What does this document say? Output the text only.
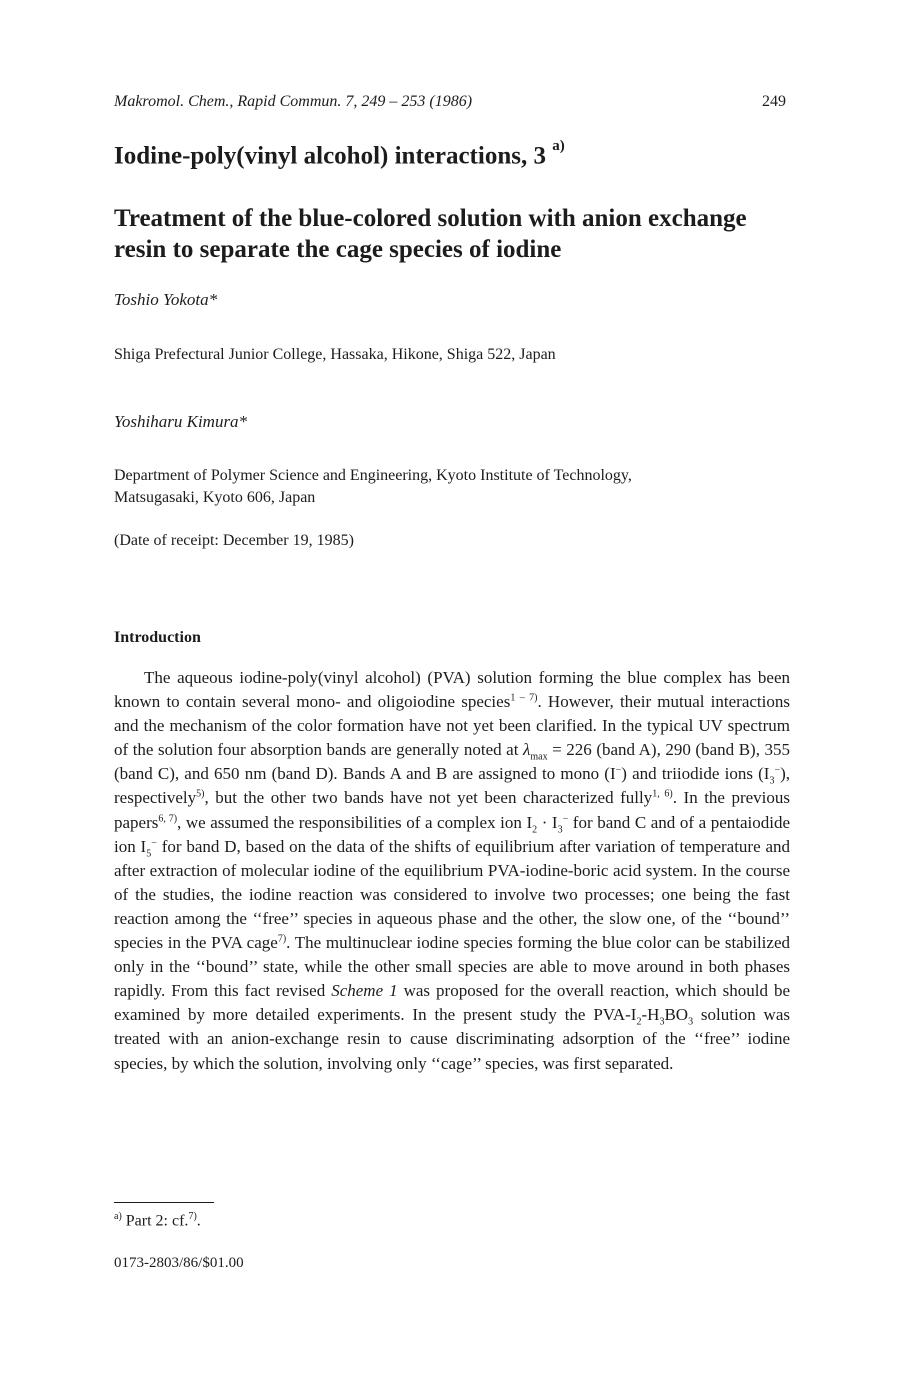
Makromol. Chem., Rapid Commun. 7, 249 – 253 (1986)	249
Iodine-poly(vinyl alcohol) interactions, 3 $^{a)}$
Treatment of the blue-colored solution with anion exchange resin to separate the cage species of iodine
Toshio Yokota*
Shiga Prefectural Junior College, Hassaka, Hikone, Shiga 522, Japan
Yoshiharu Kimura*
Department of Polymer Science and Engineering, Kyoto Institute of Technology,
Matsugasaki, Kyoto 606, Japan
(Date of receipt: December 19, 1985)
Introduction

The aqueous iodine-poly(vinyl alcohol) (PVA) solution forming the blue complex has been known to contain several mono- and oligoiodine species$^{1 - 7)}$. However, their mutual interactions and the mechanism of the color formation have not yet been clarified. In the typical UV spectrum of the solution four absorption bands are generally noted at $\lambda_{max} = 226$ (band A), 290 (band B), 355 (band C), and 650 nm (band D). Bands A and B are assigned to mono (I−) and triiodide ions $(I_3^-)$, respectively$^{5)}$, but the other two bands have not yet been characterized fully$^{1, 6)}$. In the previous papers$^{6, 7)}$, we assumed the responsibilities of a complex ion $I_2 \cdot I_3^-$ for band C and of a pentaiodide ion $I_5^-$ for band D, based on the data of the shifts of equilibrium after variation of temperature and after extraction of molecular iodine of the equilibrium PVA-iodine-boric acid system. In the course of the studies, the iodine reaction was considered to involve two processes; one being the fast reaction among the ‘‘free’’ species in aqueous phase and the other, the slow one, of the ‘‘bound’’ species in the PVA cage$^{7)}$. The multinuclear iodine species forming the blue color can be stabilized only in the ‘‘bound’’ state, while the other small species are able to move around in both phases rapidly. From this fact revised Scheme 1 was proposed for the overall reaction, which should be examined by more detailed experiments. In the present study the PVA-$I_2-H_3BO_3$ solution was treated with an anion-exchange resin to cause discriminating adsorption of the ‘‘free’’ iodine species, by which the solution, involving only ‘‘cage’’ species, was first separated.

$^{a)}$ Part 2: cf.$^{7)}$.
0173-2803/86/$01.00
